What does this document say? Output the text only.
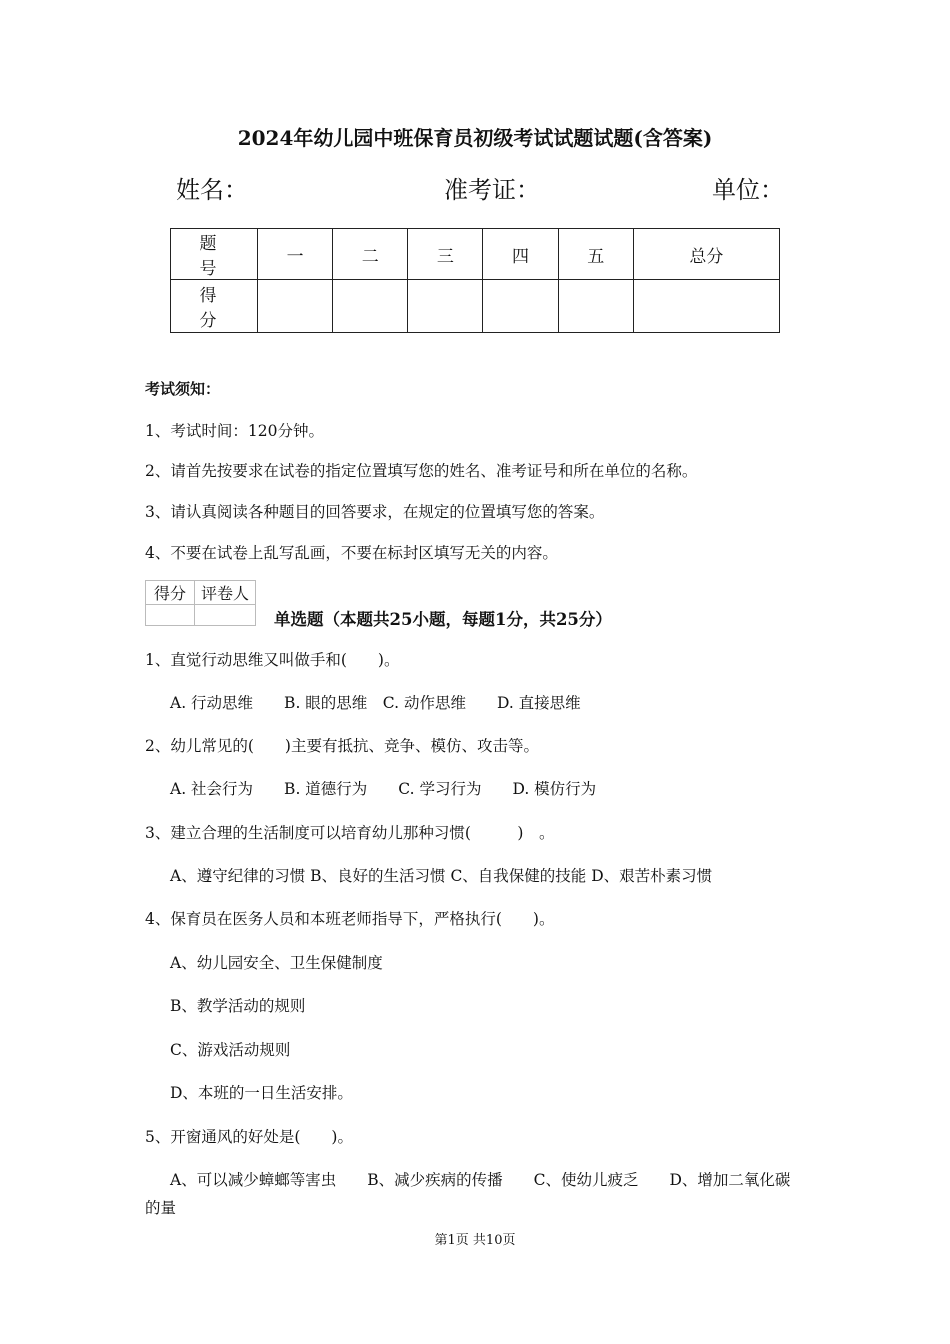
2024年幼儿园中班保育员初级考试试题试题(含答案)
姓名：	准考证：	单位：
题　号	一	二	三	四	五	总分
得　分						
考试须知：
1、考试时间：120分钟。
2、请首先按要求在试卷的指定位置填写您的姓名、准考证号和所在单位的名称。
3、请认真阅读各种题目的回答要求，在规定的位置填写您的答案。
4、不要在试卷上乱写乱画，不要在标封区填写无关的内容。
得分	评卷人

单选题（本题共25小题，每题1分，共25分）
1、直觉行动思维又叫做手和(　　)。
A. 行动思维　　B. 眼的思维　C. 动作思维　　D. 直接思维
2、幼儿常见的(　　)主要有抵抗、竞争、模仿、攻击等。
A. 社会行为　　B. 道德行为　　C. 学习行为　　D. 模仿行为
3、建立合理的生活制度可以培育幼儿那种习惯(　　　)　。
A、遵守纪律的习惯 B、良好的生活习惯 C、自我保健的技能 D、艰苦朴素习惯
4、保育员在医务人员和本班老师指导下，严格执行(　　)。
A、幼儿园安全、卫生保健制度
B、教学活动的规则
C、游戏活动规则
D、本班的一日生活安排。
5、开窗通风的好处是(　　)。
A、可以减少蟑螂等害虫　　B、减少疾病的传播　　C、使幼儿疲乏　　D、增加二氧化碳
的量
第1页 共10页
